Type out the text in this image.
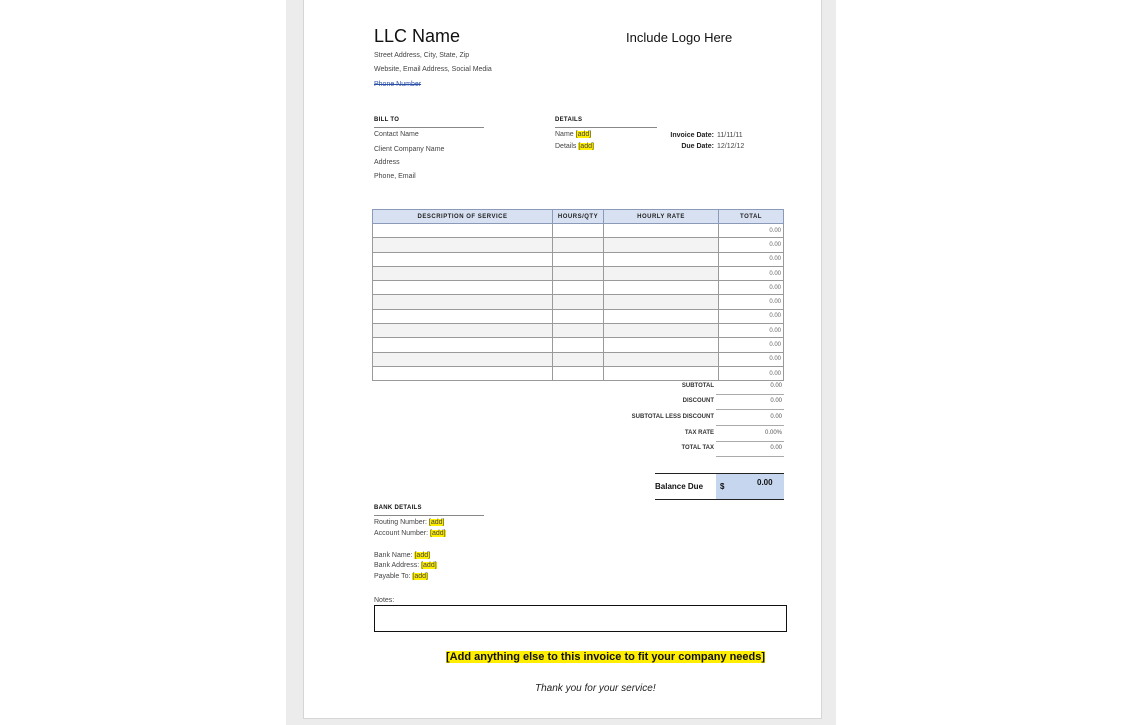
LLC Name	Include Logo Here
Street Address, City, State, Zip
Website, Email Address, Social Media
Phone Number
BILL TO
Contact Name
Client Company Name
Address
Phone, Email
DETAILS
Name [add]
Details [add]
Invoice Date: 11/11/11
Due Date: 12/12/12
DESCRIPTION OF SERVICE	HOURS/QTY	HOURLY RATE	TOTAL
			0.00
			0.00
			0.00
			0.00
			0.00
			0.00
			0.00
			0.00
			0.00
			0.00
			0.00
SUBTOTAL	0.00
DISCOUNT	0.00
SUBTOTAL LESS DISCOUNT	0.00
TAX RATE	0.00%
TOTAL TAX	0.00
Balance Due $	0.00
BANK DETAILS
Routing Number: [add]
Account Number: [add]
Bank Name: [add]
Bank Address: [add]
Payable To: [add]
Notes:
[Add anything else to this invoice to fit your company needs]
Thank you for your service!
